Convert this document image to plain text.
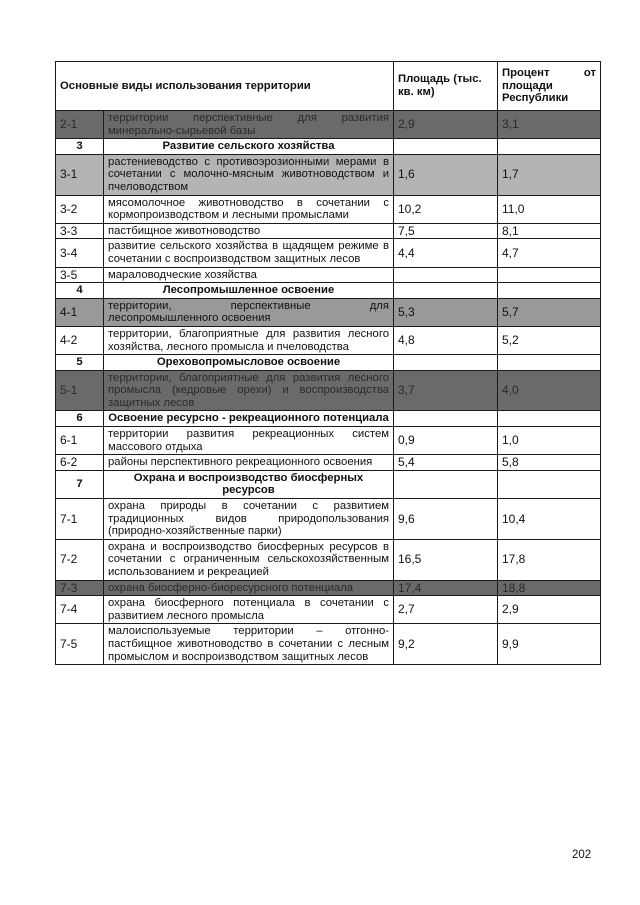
Основные виды использования территории		Площадь (тыс. кв. км)	Процент от площади Республики
2-1	территории перспективные для развития минерально-сырьевой базы	2,9	3,1
3	Развитие сельского хозяйства		
3-1	растениеводство с противоэрозионными мерами в сочетании с молочно-мясным животноводством и пчеловодством	1,6	1,7
3-2	мясомолочное животноводство в сочетании с кормопроизводством и лесными промыслами	10,2	11,0
3-3	пастбищное животноводство	7,5	8,1
3-4	развитие сельского хозяйства в щадящем режиме в сочетании с воспроизводством защитных лесов	4,4	4,7
3-5	мараловодческие хозяйства		
4	Лесопромышленное освоение		
4-1	территории, перспективные для лесопромышленного освоения	5,3	5,7
4-2	территории, благоприятные для развития лесного хозяйства, лесного промысла и пчеловодства	4,8	5,2
5	Ореховопромысловое освоение		
5-1	территории, благоприятные для развития лесного промысла (кедровые орехи) и воспроизводства защитных лесов	3,7	4,0
6	Освоение ресурсно - рекреационного потенциала		
6-1	территории развития рекреационных систем массового отдыха	0,9	1,0
6-2	районы перспективного рекреационного освоения	5,4	5,8
7	Охрана и воспроизводство биосферных ресурсов		
7-1	охрана природы в сочетании с развитием традиционных видов природопользования (природно-хозяйственные парки)	9,6	10,4
7-2	охрана и воспроизводство биосферных ресурсов в сочетании с ограниченным сельскохозяйственным использованием и рекреацией	16,5	17,8
7-3	охрана биосферно-биоресурсного потенциала	17,4	18,8
7-4	охрана биосферного потенциала в сочетании с развитием лесного промысла	2,7	2,9
7-5	малоиспользуемые территории – отгонно-пастбищное животноводство в сочетании с лесным промыслом и воспроизводством защитных лесов	9,2	9,9
202
